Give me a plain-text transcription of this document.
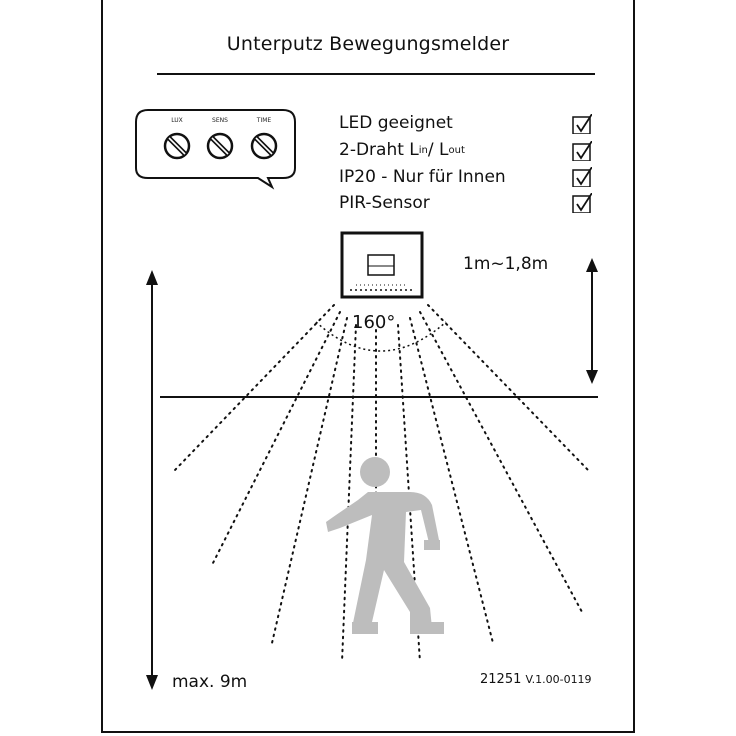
Unterputz Bewegungsmelder
LUX	SENS	TIME	LED geeignet
2-Draht $L^{in}/$ $L^{out}$
IP20 - Nur für Innen
PIR-Sensor
160°
1m~1,8m
max. 9m	21251 V.1.00-0119
